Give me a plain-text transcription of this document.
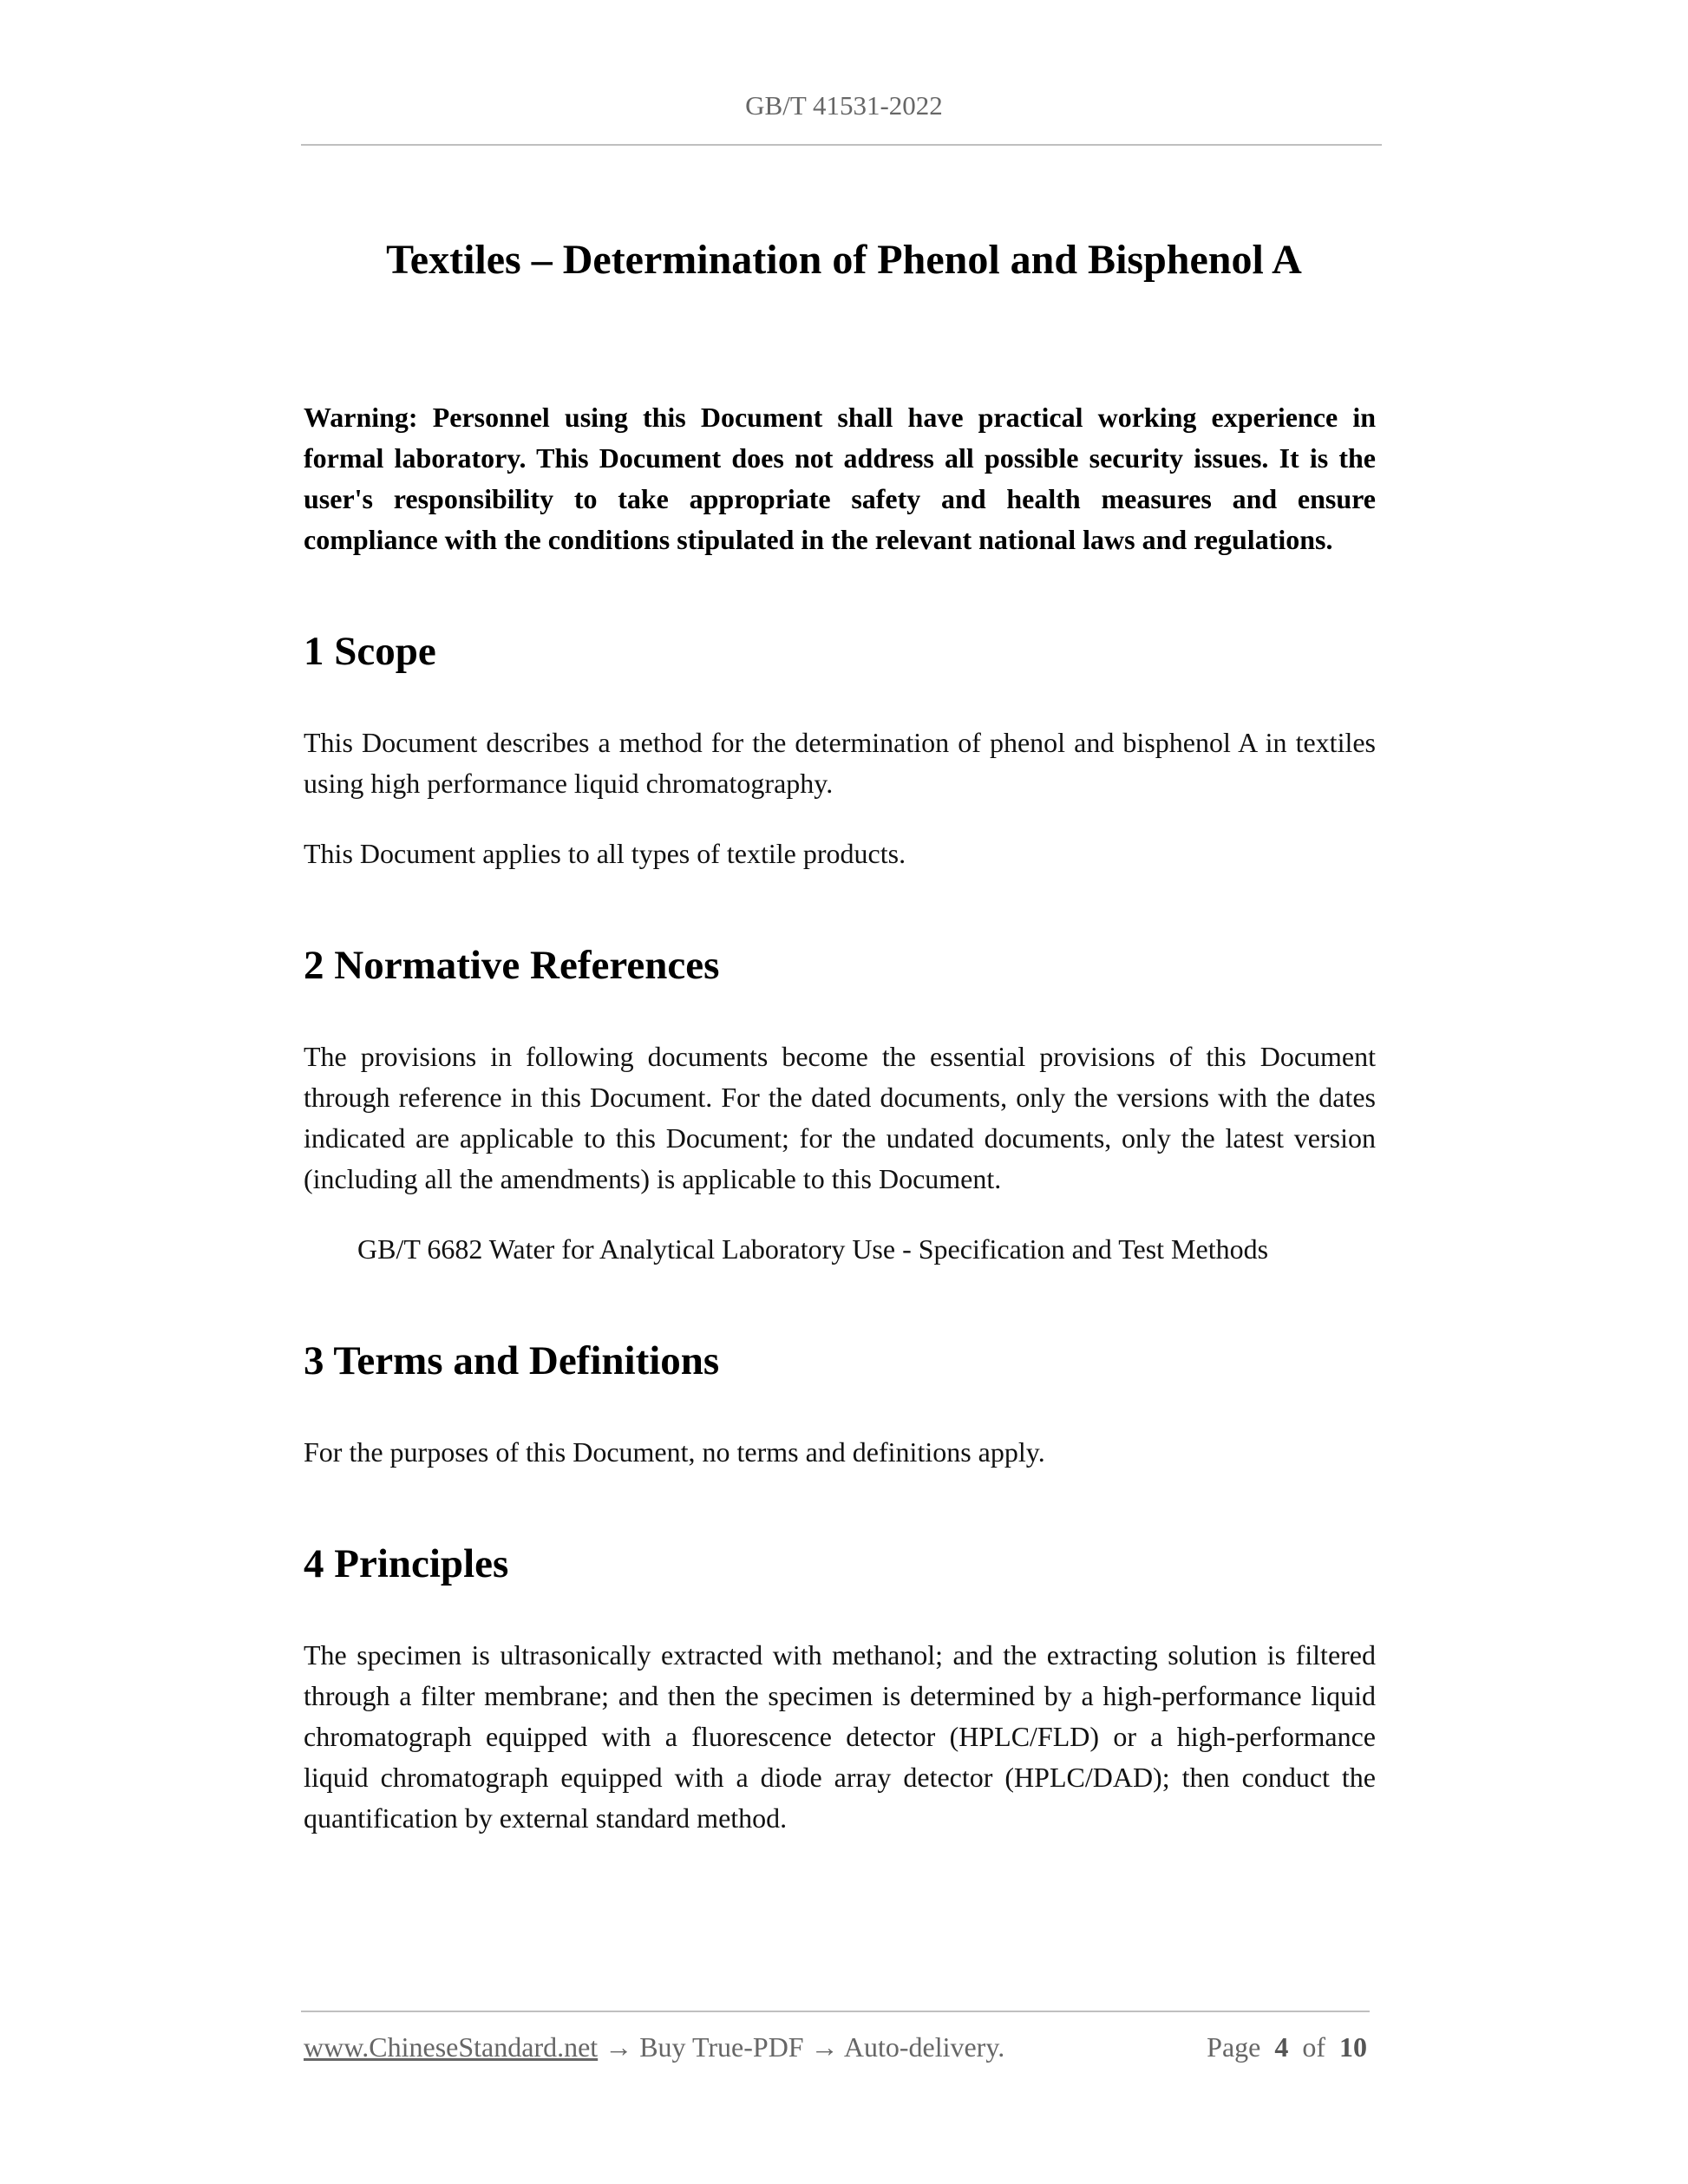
GB/T 41531-2022
Textiles – Determination of Phenol and Bisphenol A

Warning: Personnel using this Document shall have practical working experience in formal laboratory. This Document does not address all possible security issues. It is the user's responsibility to take appropriate safety and health measures and ensure compliance with the conditions stipulated in the relevant national laws and regulations.

1 Scope

This Document describes a method for the determination of phenol and bisphenol A in textiles using high performance liquid chromatography.

This Document applies to all types of textile products.

2 Normative References

The provisions in following documents become the essential provisions of this Document through reference in this Document. For the dated documents, only the versions with the dates indicated are applicable to this Document; for the undated documents, only the latest version (including all the amendments) is applicable to this Document.

GB/T 6682 Water for Analytical Laboratory Use - Specification and Test Methods

3 Terms and Definitions

For the purposes of this Document, no terms and definitions apply.

4 Principles

The specimen is ultrasonically extracted with methanol; and the extracting solution is filtered through a filter membrane; and then the specimen is determined by a high-performance liquid chromatograph equipped with a fluorescence detector (HPLC/FLD) or a high-performance liquid chromatograph equipped with a diode array detector (HPLC/DAD); then conduct the quantification by external standard method.

www.ChineseStandard.net → Buy True-PDF → Auto-delivery.	Page 4 of 10
